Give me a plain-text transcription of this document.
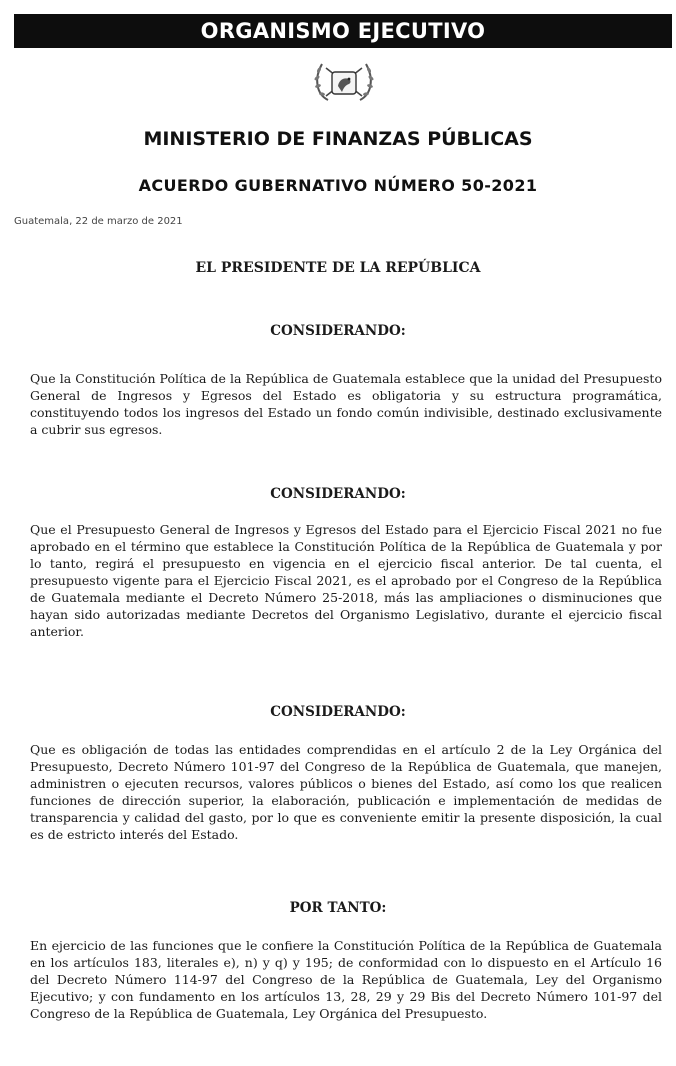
ORGANISMO EJECUTIVO
MINISTERIO DE FINANZAS PÚBLICAS
ACUERDO GUBERNATIVO NÚMERO 50-2021
Guatemala, 22 de marzo de 2021
EL PRESIDENTE DE LA REPÚBLICA
CONSIDERANDO:
Que la Constitución Política de la República de Guatemala establece que la unidad del Presupuesto General de Ingresos y Egresos del Estado es obligatoria y su estructura programática, constituyendo todos los ingresos del Estado un fondo común indivisible, destinado exclusivamente a cubrir sus egresos.
CONSIDERANDO:
Que el Presupuesto General de Ingresos y Egresos del Estado para el Ejercicio Fiscal 2021 no fue aprobado en el término que establece la Constitución Política de la República de Guatemala y por lo tanto, regirá el presupuesto en vigencia en el ejercicio fiscal anterior. De tal cuenta, el presupuesto vigente para el Ejercicio Fiscal 2021, es el aprobado por el Congreso de la República de Guatemala mediante el Decreto Número 25-2018, más las ampliaciones o disminuciones que hayan sido autorizadas mediante Decretos del Organismo Legislativo, durante el ejercicio fiscal anterior.
CONSIDERANDO:
Que es obligación de todas las entidades comprendidas en el artículo 2 de la Ley Orgánica del Presupuesto, Decreto Número 101-97 del Congreso de la República de Guatemala, que manejen, administren o ejecuten recursos, valores públicos o bienes del Estado, así como los que realicen funciones de dirección superior, la elaboración, publicación e implementación de medidas de transparencia y calidad del gasto, por lo que es conveniente emitir la presente disposición, la cual es de estricto interés del Estado.
POR TANTO:
En ejercicio de las funciones que le confiere la Constitución Política de la República de Guatemala en los artículos 183, literales e), n) y q) y 195; de conformidad con lo dispuesto en el Artículo 16 del Decreto Número 114-97 del Congreso de la República de Guatemala, Ley del Organismo Ejecutivo; y con fundamento en los artículos 13, 28, 29 y 29 Bis del Decreto Número 101-97 del Congreso de la República de Guatemala, Ley Orgánica del Presupuesto.
